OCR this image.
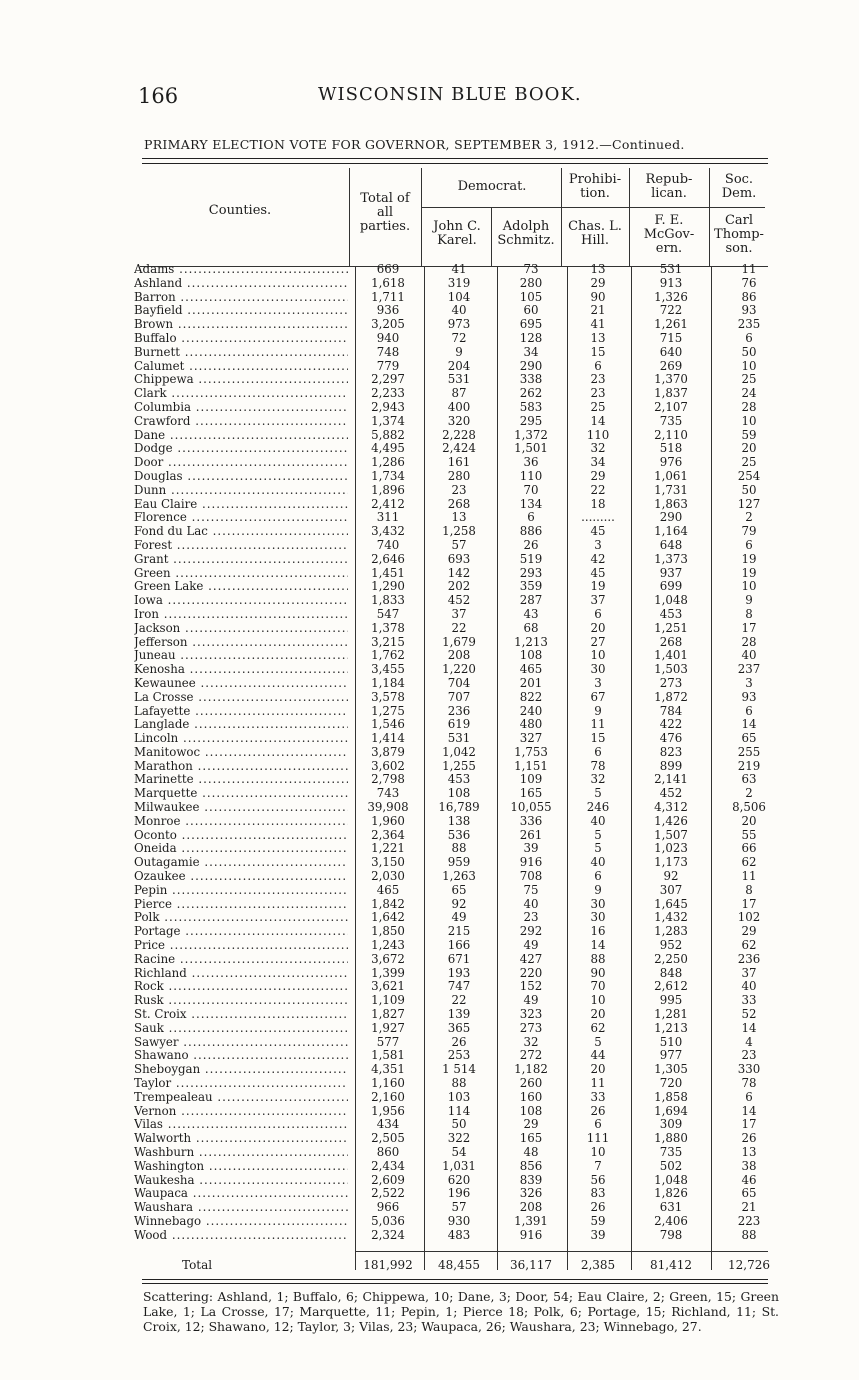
166	WISCONSIN BLUE BOOK.
PRIMARY ELECTION VOTE FOR GOVERNOR, SEPTEMBER 3, 1912.—Continued.
Counties.
Total of all parties.
Democrat.	Prohibi-tion.
Repub-lican.
Soc. Dem.
John C. Karel.
Adolph Schmitz.
Chas. L. Hill.
F. E. McGov-ern.
Carl Thomp-son.
Adams .....	669	41	73	13	531	11
Ashland .....	1,618	319	280	29	913	76
Barron .....	1,711	104	105	90	1,326	86
Bayfield .....	936	40	60	21	722	93
Brown .....	3,205	973	695	41	1,261	235
Buffalo .....	940	72	128	13	715	6
Burnett .....	748	9	34	15	640	50
Calumet .....	779	204	290	6	269	10
Chippewa .....	2,297	531	338	23	1,370	25
Clark .....	2,233	87	262	23	1,837	24
Columbia .....	2,943	400	583	25	2,107	28
Crawford .....	1,374	320	295	14	735	10
Dane .....	5,882	2,228	1,372	110	2,110	59
Dodge .....	4,495	2,424	1,501	32	518	20
Door .....	1,286	161	36	34	976	25
Douglas .....	1,734	280	110	29	1,061	254
Dunn .....	1,896	23	70	22	1,731	50
Eau Claire .....	2,412	268	134	18	1,863	127
Florence .....	311	13	6	.........	290	2
Fond du Lac .....	3,432	1,258	886	45	1,164	79
Forest .....	740	57	26	3	648	6
Grant .....	2,646	693	519	42	1,373	19
Green .....	1,451	142	293	45	937	19
Green Lake .....	1,290	202	359	19	699	10
Iowa .....	1,833	452	287	37	1,048	9
Iron .....	547	37	43	6	453	8
Jackson .....	1,378	22	68	20	1,251	17
Jefferson .....	3,215	1,679	1,213	27	268	28
Juneau .....	1,762	208	108	10	1,401	40
Kenosha .....	3,455	1,220	465	30	1,503	237
Kewaunee .....	1,184	704	201	3	273	3
La Crosse .....	3,578	707	822	67	1,872	93
Lafayette .....	1,275	236	240	9	784	6
Langlade .....	1,546	619	480	11	422	14
Lincoln .....	1,414	531	327	15	476	65
Manitowoc .....	3,879	1,042	1,753	6	823	255
Marathon .....	3,602	1,255	1,151	78	899	219
Marinette .....	2,798	453	109	32	2,141	63
Marquette .....	743	108	165	5	452	2
Milwaukee .....	39,908	16,789	10,055	246	4,312	8,506
Monroe .....	1,960	138	336	40	1,426	20
Oconto .....	2,364	536	261	5	1,507	55
Oneida .....	1,221	88	39	5	1,023	66
Outagamie .....	3,150	959	916	40	1,173	62
Ozaukee .....	2,030	1,263	708	6	92	11
Pepin .....	465	65	75	9	307	8
Pierce .....	1,842	92	40	30	1,645	17
Polk .....	1,642	49	23	30	1,432	102
Portage .....	1,850	215	292	16	1,283	29
Price .....	1,243	166	49	14	952	62
Racine .....	3,672	671	427	88	2,250	236
Richland .....	1,399	193	220	90	848	37
Rock .....	3,621	747	152	70	2,612	40
Rusk .....	1,109	22	49	10	995	33
St. Croix .....	1,827	139	323	20	1,281	52
Sauk .....	1,927	365	273	62	1,213	14
Sawyer .....	577	26	32	5	510	4
Shawano .....	1,581	253	272	44	977	23
Sheboygan .....	4,351	1 514	1,182	20	1,305	330
Taylor .....	1,160	88	260	11	720	78
Trempealeau .....	2,160	103	160	33	1,858	6
Vernon .....	1,956	114	108	26	1,694	14
Vilas .....	434	50	29	6	309	17
Walworth .....	2,505	322	165	111	1,880	26
Washburn .....	860	54	48	10	735	13
Washington .....	2,434	1,031	856	7	502	38
Waukesha .....	2,609	620	839	56	1,048	46
Waupaca .....	2,522	196	326	83	1,826	65
Waushara .....	966	57	208	26	631	21
Winnebago .....	5,036	930	1,391	59	2,406	223
Wood .....	2,324	483	916	39	798	88
Total	181,992	48,455	36,117	2,385	81,412	12,726
Scattering: Ashland, 1; Buffalo, 6; Chippewa, 10; Dane, 3; Door, 54; Eau Claire, 2; Green, 15; Green Lake, 1; La Crosse, 17; Marquette, 11; Pepin, 1; Pierce 18; Polk, 6; Portage, 15; Richland, 11; St. Croix, 12; Shawano, 12; Taylor, 3; Vilas, 23; Waupaca, 26; Waushara, 23; Winnebago, 27.
